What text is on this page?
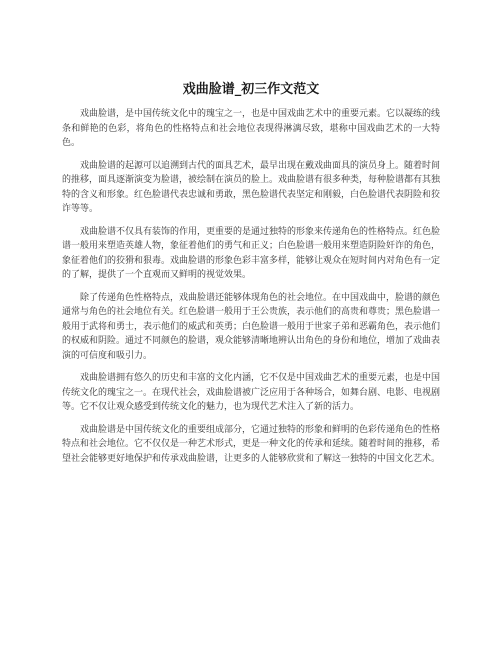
戏曲脸谱_初三作文范文

戏曲脸谱，是中国传统文化中的瑰宝之一，也是中国戏曲艺术中的重要元素。它以凝练的线条和鲜艳的色彩，将角色的性格特点和社会地位表现得淋漓尽致，堪称中国戏曲艺术的一大特色。

戏曲脸谱的起源可以追溯到古代的面具艺术，最早出现在戴戏曲面具的演员身上。随着时间的推移，面具逐渐演变为脸谱，被绘制在演员的脸上。戏曲脸谱有很多种类，每种脸谱都有其独特的含义和形象。红色脸谱代表忠诚和勇敢，黑色脸谱代表坚定和刚毅，白色脸谱代表阴险和狡诈等等。

戏曲脸谱不仅具有装饰的作用，更重要的是通过独特的形象来传递角色的性格特点。红色脸谱一般用来塑造英雄人物，象征着他们的勇气和正义；白色脸谱一般用来塑造阴险奸诈的角色，象征着他们的狡猾和狠毒。戏曲脸谱的形象色彩丰富多样，能够让观众在短时间内对角色有一定的了解，提供了一个直观而又鲜明的视觉效果。

除了传递角色性格特点，戏曲脸谱还能够体现角色的社会地位。在中国戏曲中，脸谱的颜色通常与角色的社会地位有关。红色脸谱一般用于王公贵族，表示他们的高贵和尊贵；黑色脸谱一般用于武将和勇士，表示他们的威武和英勇；白色脸谱一般用于世家子弟和恶霸角色，表示他们的权威和阴险。通过不同颜色的脸谱，观众能够清晰地辨认出角色的身份和地位，增加了戏曲表演的可信度和吸引力。

戏曲脸谱拥有悠久的历史和丰富的文化内涵，它不仅是中国戏曲艺术的重要元素，也是中国传统文化的瑰宝之一。在现代社会，戏曲脸谱被广泛应用于各种场合，如舞台剧、电影、电视剧等。它不仅让观众感受到传统文化的魅力，也为现代艺术注入了新的活力。

戏曲脸谱是中国传统文化的重要组成部分，它通过独特的形象和鲜明的色彩传递角色的性格特点和社会地位。它不仅仅是一种艺术形式，更是一种文化的传承和延续。随着时间的推移，希望社会能够更好地保护和传承戏曲脸谱，让更多的人能够欣赏和了解这一独特的中国文化艺术。
